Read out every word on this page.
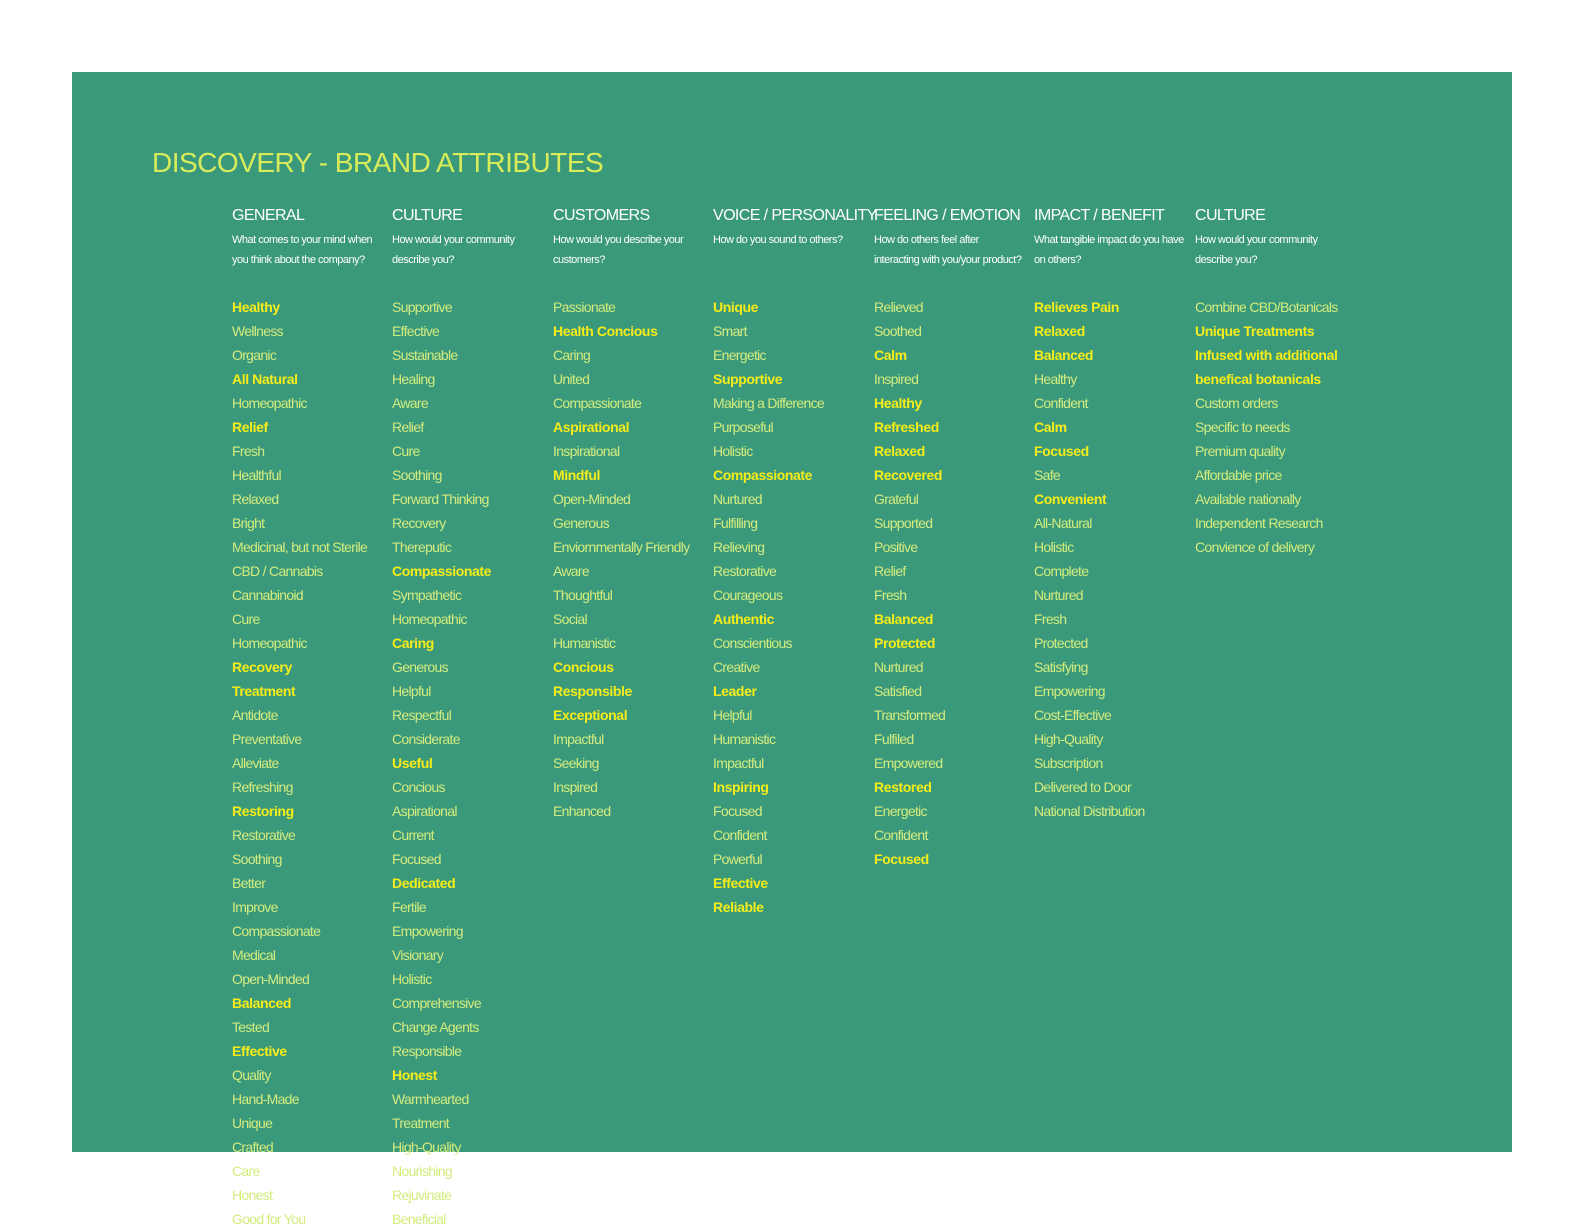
DISCOVERY - BRAND ATTRIBUTES
GENERAL
What comes to your mind when you think about the company?
Healthy
Wellness
Organic
All Natural
Homeopathic
Relief
Fresh
Healthful
Relaxed
Bright
Medicinal, but not Sterile
CBD / Cannabis
Cannabinoid
Cure
Homeopathic
Recovery
Treatment
Antidote
Preventative
Alleviate
Refreshing
Restoring
Restorative
Soothing
Better
Improve
Compassionate
Medical
Open-Minded
Balanced
Tested
Effective
Quality
Hand-Made
Unique
Crafted
Care
Honest
Good for You
CULTURE
How would your community describe you?
Supportive
Effective
Sustainable
Healing
Aware
Relief
Cure
Soothing
Forward Thinking
Recovery
Thereputic
Compassionate
Sympathetic
Homeopathic
Caring
Generous
Helpful
Respectful
Considerate
Useful
Concious
Aspirational
Current
Focused
Dedicated
Fertile
Empowering
Visionary
Holistic
Comprehensive
Change Agents
Responsible
Honest
Warmhearted
Treatment
High-Quality
Nourishing
Rejuvinate
Beneficial
CUSTOMERS
How would you describe your customers?
Passionate
Health Concious
Caring
United
Compassionate
Aspirational
Inspirational
Mindful
Open-Minded
Generous
Enviornmentally Friendly
Aware
Thoughtful
Social
Humanistic
Concious
Responsible
Exceptional
Impactful
Seeking
Inspired
Enhanced
VOICE / PERSONALITY
How do you sound to others?
Unique
Smart
Energetic
Supportive
Making a Difference
Purposeful
Holistic
Compassionate
Nurtured
Fulfilling
Relieving
Restorative
Courageous
Authentic
Conscientious
Creative
Leader
Helpful
Humanistic
Impactful
Inspiring
Focused
Confident
Powerful
Effective
Reliable
FEELING / EMOTION
How do others feel after interacting with you/your product?
Relieved
Soothed
Calm
Inspired
Healthy
Refreshed
Relaxed
Recovered
Grateful
Supported
Positive
Relief
Fresh
Balanced
Protected
Nurtured
Satisfied
Transformed
Fulfiled
Empowered
Restored
Energetic
Confident
Focused
IMPACT / BENEFIT
What tangible impact do you have on others?
Relieves Pain
Relaxed
Balanced
Healthy
Confident
Calm
Focused
Safe
Convenient
All-Natural
Holistic
Complete
Nurtured
Fresh
Protected
Satisfying
Empowering
Cost-Effective
High-Quality
Subscription
Delivered to Door
National Distribution
CULTURE
How would your community describe you?
Combine CBD/Botanicals
Unique Treatments
Infused with additional
benefical botanicals
Custom orders
Specific to needs
Premium quality
Affordable price
Available nationally
Independent Research
Convience of delivery
